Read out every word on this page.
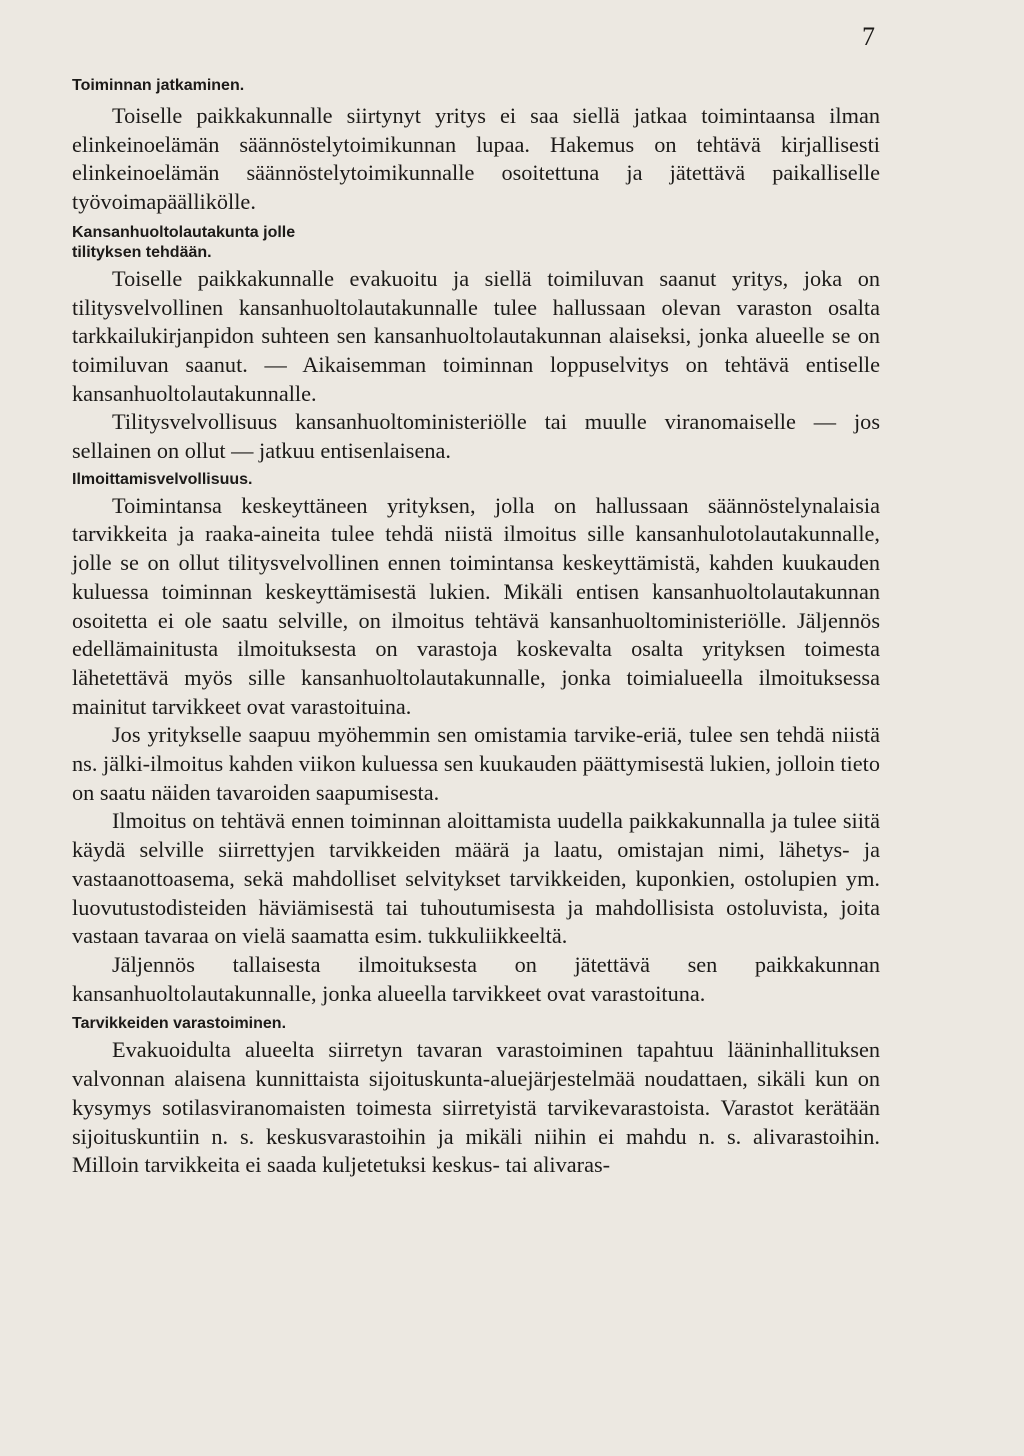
7
Toiminnan jatkaminen.

Toiselle paikkakunnalle siirtynyt yritys ei saa siellä jatkaa toimintaansa ilman elinkeinoelämän säännöstelytoimikunnan lupaa. Hakemus on tehtävä kirjallisesti elinkeinoelämän säännöstelytoimikunnalle osoitettuna ja jätettävä paikalliselle työvoimapäällikölle.

Kansanhuoltolautakunta jolle tilityksen tehdään.

Toiselle paikkakunnalle evakuoitu ja siellä toimiluvan saanut yritys, joka on tilitysvelvollinen kansanhuoltolautakunnalle tulee hallussaan olevan varaston osalta tarkkailukirjanpidon suhteen sen kansanhuoltolautakunnan alaiseksi, jonka alueelle se on toimiluvan saanut. — Aikaisemman toiminnan loppuselvitys on tehtävä entiselle kansanhuoltolautakunnalle.

Tilitysvelvollisuus kansanhuoltoministeriölle tai muulle viranomaiselle — jos sellainen on ollut — jatkuu entisenlaisena.

Ilmoittamisvelvollisuus.

Toimintansa keskeyttäneen yrityksen, jolla on hallussaan säännöstelynalaisia tarvikkeita ja raaka-aineita tulee tehdä niistä ilmoitus sille kansanhulotolautakunnalle, jolle se on ollut tilitysvelvollinen ennen toimintansa keskeyttämistä, kahden kuukauden kuluessa toiminnan keskeyttämisestä lukien. Mikäli entisen kansanhuoltolautakunnan osoitetta ei ole saatu selville, on ilmoitus tehtävä kansanhuoltoministeriölle. Jäljennös edellämainitusta ilmoituksesta on varastoja koskevalta osalta yrityksen toimesta lähetettävä myös sille kansanhuoltolautakunnalle, jonka toimialueella ilmoituksessa mainitut tarvikkeet ovat varastoituina.

Jos yritykselle saapuu myöhemmin sen omistamia tarvike-eriä, tulee sen tehdä niistä ns. jälki-ilmoitus kahden viikon kuluessa sen kuukauden päättymisestä lukien, jolloin tieto on saatu näiden tavaroiden saapumisesta.

Ilmoitus on tehtävä ennen toiminnan aloittamista uudella paikkakunnalla ja tulee siitä käydä selville siirrettyjen tarvikkeiden määrä ja laatu, omistajan nimi, lähetys- ja vastaanottoasema, sekä mahdolliset selvitykset tarvikkeiden, kuponkien, ostolupien ym. luovutustodisteiden häviämisestä tai tuhoutumisesta ja mahdollisista ostoluvista, joita vastaan tavaraa on vielä saamatta esim. tukkuliikkeeltä.

Jäljennös tallaisesta ilmoituksesta on jätettävä sen paikkakunnan kansanhuoltolautakunnalle, jonka alueella tarvikkeet ovat varastoituna.

Tarvikkeiden varastoiminen.

Evakuoidulta alueelta siirretyn tavaran varastoiminen tapahtuu lääninhallituksen valvonnan alaisena kunnittaista sijoituskunta-aluejärjestelmää noudattaen, sikäli kun on kysymys sotilasviranomaisten toimesta siirretyistä tarvikevarastoista. Varastot kerätään sijoituskuntiin n. s. keskusvarastoihin ja mikäli niihin ei mahdu n. s. alivarastoihin. Milloin tarvikkeita ei saada kuljetetuksi keskus- tai alivaras-
